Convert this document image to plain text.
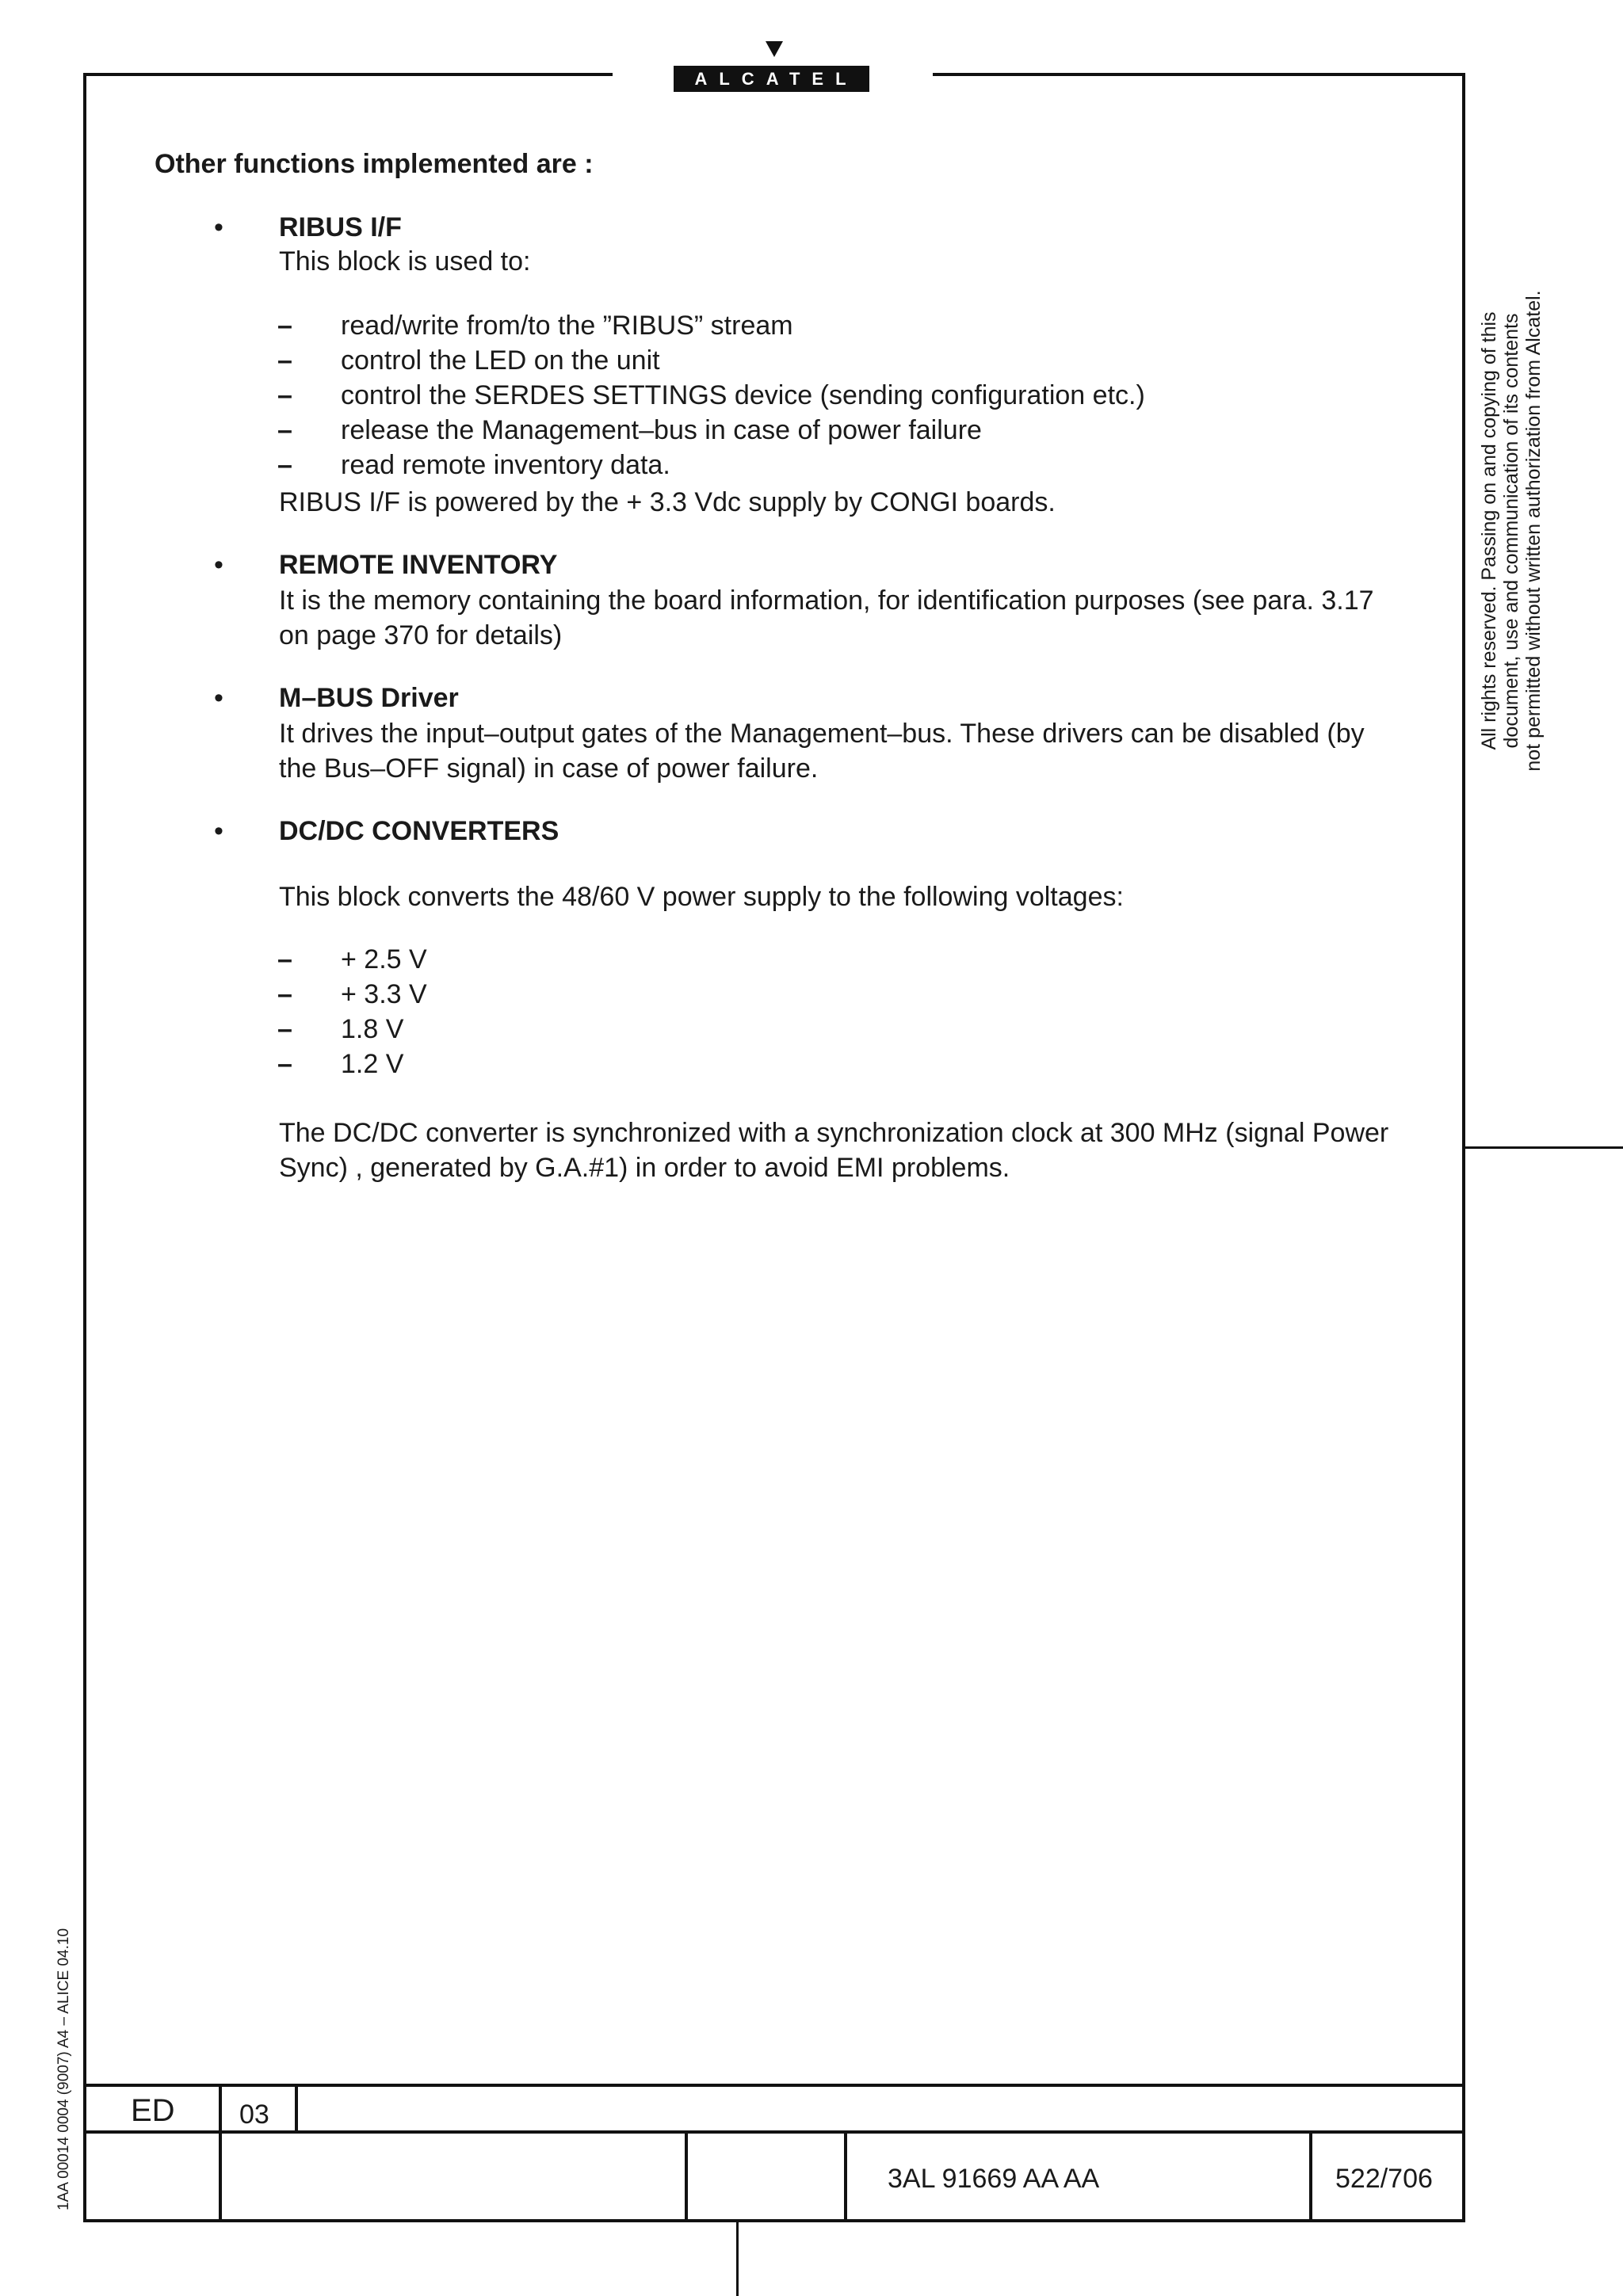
ALCATEL
Other functions implemented are :
• RIBUS I/F
This block is used to:
– read/write from/to the ”RIBUS” stream
– control the LED on the unit
– control the SERDES SETTINGS device (sending configuration etc.)
– release the Management–bus in case of power failure
– read remote inventory data.
RIBUS I/F is powered by the + 3.3 Vdc supply by CONGI boards.
• REMOTE INVENTORY
It is the memory containing the board information, for identification purposes (see para. 3.17
on page 370 for details)
• M–BUS Driver
It drives the input–output gates of the Management–bus. These drivers can be disabled (by
the Bus–OFF signal) in case of power failure.
• DC/DC CONVERTERS
This block converts the 48/60 V power supply to the following voltages:
– + 2.5 V
– + 3.3 V
– 1.8 V
– 1.2 V
The DC/DC converter is synchronized with a synchronization clock at 300 MHz (signal Power
Sync) , generated by G.A.#1) in order to avoid EMI problems.
All rights reserved. Passing on and copying of this document, use and communication of its contents not permitted without written authorization from Alcatel.
1AA 00014 0004 (9007) A4 – ALICE 04.10 ED 03
3AL 91669 AA AA	522/706
